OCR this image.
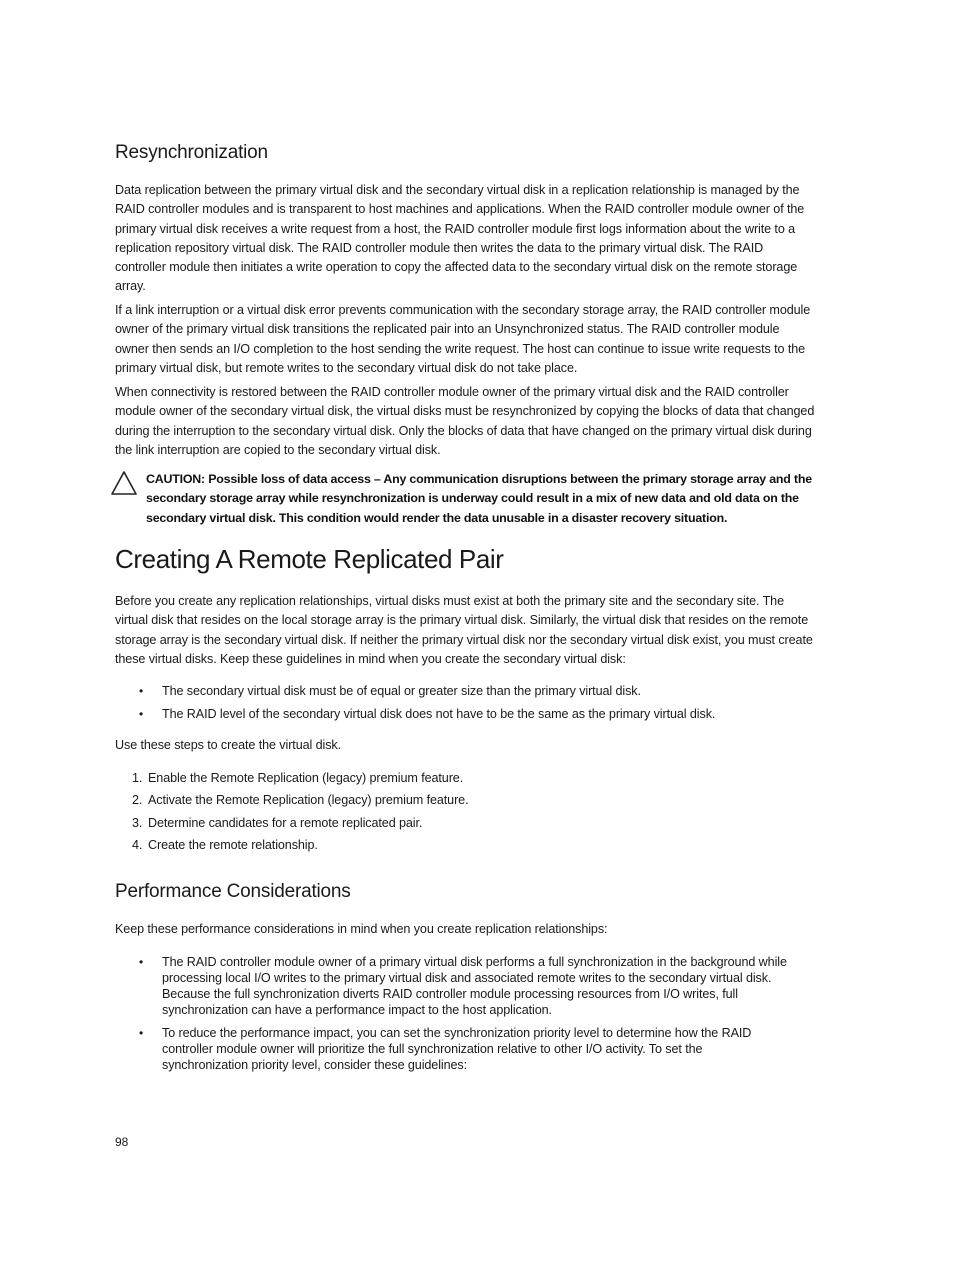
Resynchronization
Data replication between the primary virtual disk and the secondary virtual disk in a replication relationship is managed by the RAID controller modules and is transparent to host machines and applications. When the RAID controller module owner of the primary virtual disk receives a write request from a host, the RAID controller module first logs information about the write to a replication repository virtual disk. The RAID controller module then writes the data to the primary virtual disk. The RAID controller module then initiates a write operation to copy the affected data to the secondary virtual disk on the remote storage array.
If a link interruption or a virtual disk error prevents communication with the secondary storage array, the RAID controller module owner of the primary virtual disk transitions the replicated pair into an Unsynchronized status. The RAID controller module owner then sends an I/O completion to the host sending the write request. The host can continue to issue write requests to the primary virtual disk, but remote writes to the secondary virtual disk do not take place.
When connectivity is restored between the RAID controller module owner of the primary virtual disk and the RAID controller module owner of the secondary virtual disk, the virtual disks must be resynchronized by copying the blocks of data that changed during the interruption to the secondary virtual disk. Only the blocks of data that have changed on the primary virtual disk during the link interruption are copied to the secondary virtual disk.
CAUTION: Possible loss of data access – Any communication disruptions between the primary storage array and the secondary storage array while resynchronization is underway could result in a mix of new data and old data on the secondary virtual disk. This condition would render the data unusable in a disaster recovery situation.
Creating A Remote Replicated Pair
Before you create any replication relationships, virtual disks must exist at both the primary site and the secondary site. The virtual disk that resides on the local storage array is the primary virtual disk. Similarly, the virtual disk that resides on the remote storage array is the secondary virtual disk. If neither the primary virtual disk nor the secondary virtual disk exist, you must create these virtual disks. Keep these guidelines in mind when you create the secondary virtual disk:
• The secondary virtual disk must be of equal or greater size than the primary virtual disk.
• The RAID level of the secondary virtual disk does not have to be the same as the primary virtual disk.
Use these steps to create the virtual disk.
1. Enable the Remote Replication (legacy) premium feature.
2. Activate the Remote Replication (legacy) premium feature.
3. Determine candidates for a remote replicated pair.
4. Create the remote relationship.
Performance Considerations
Keep these performance considerations in mind when you create replication relationships:
• The RAID controller module owner of a primary virtual disk performs a full synchronization in the background while processing local I/O writes to the primary virtual disk and associated remote writes to the secondary virtual disk. Because the full synchronization diverts RAID controller module processing resources from I/O writes, full synchronization can have a performance impact to the host application.
• To reduce the performance impact, you can set the synchronization priority level to determine how the RAID controller module owner will prioritize the full synchronization relative to other I/O activity. To set the synchronization priority level, consider these guidelines:
98
